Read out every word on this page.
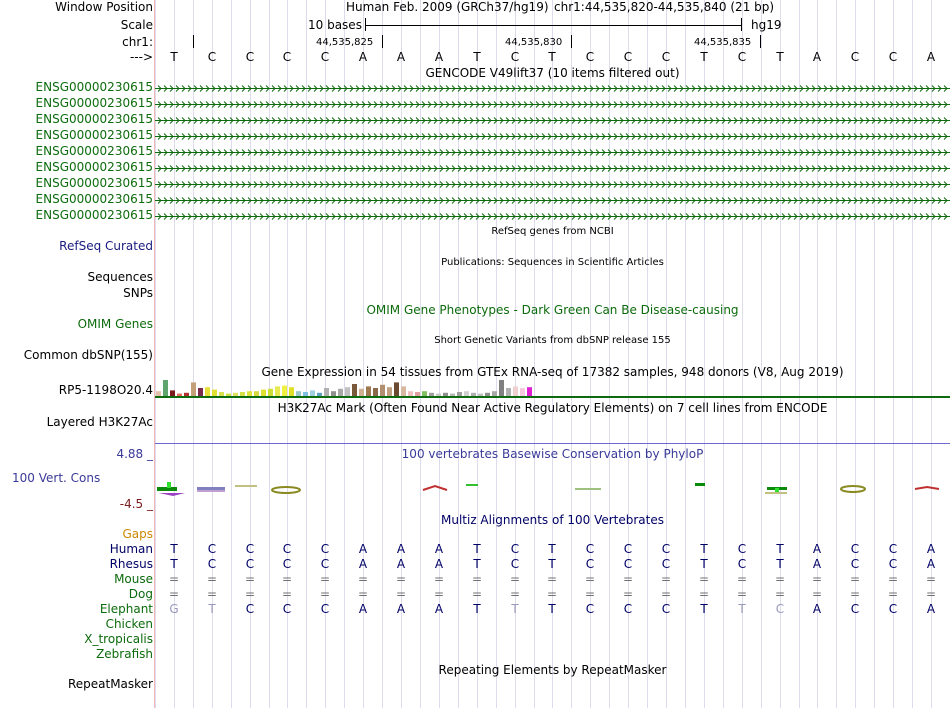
Window Position	Human Feb. 2009 (GRCh37/hg19) chr1:44,535,820-44,535,840 (21 bp)
Scale	10 bases	hg19
chr1:	44,535,825	44,535,830	44,535,835
---> T	C C C C A A A	T	C T	C C C	T	C	T A C C A
GENCODE V49lift37 (10 items filtered out)
ENSG00000230615
ENSG00000230615
ENSG00000230615
ENSG00000230615
ENSG00000230615
ENSG00000230615
ENSG00000230615
ENSG00000230615
ENSG00000230615
RefSeq genes from NCBI
RefSeq Curated
Publications: Sequences in Scientific Articles
Sequences
SNPs
OMIM Gene Phenotypes - Dark Green Can Be Disease-causing
OMIM Genes
Short Genetic Variants from dbSNP release 155
Common dbSNP(155)
Gene Expression in 54 tissues from GTEx RNA-seq of 17382 samples, 948 donors (V8, Aug 2019)
RP5-1198O20.4
H3K27Ac Mark (Often Found Near Active Regulatory Elements) on 7 cell lines from ENCODE
Layered H3K27Ac
100 vertebrates Basewise Conservation by PhyloP
4.88 _
100 Vert. Cons
-4.5 _
Multiz Alignments of 100 Vertebrates
Gaps
Human T	C C C C A A A	T	C T	C C C	T	C	T A C C A
Rhesus T	C C C C A A A	T	C T	C C C	T	C	T A C C A
Mouse = = = = = = = = = = = = = = = = = = = = =
Dog = = = = = = = = = = = = = = = = = = = = =
Elephant G T	C C C A A A	T	T T	C C C	T	T	C A C C A
Chicken
X_tropicalis
Zebrafish
Repeating Elements by RepeatMasker
RepeatMasker
